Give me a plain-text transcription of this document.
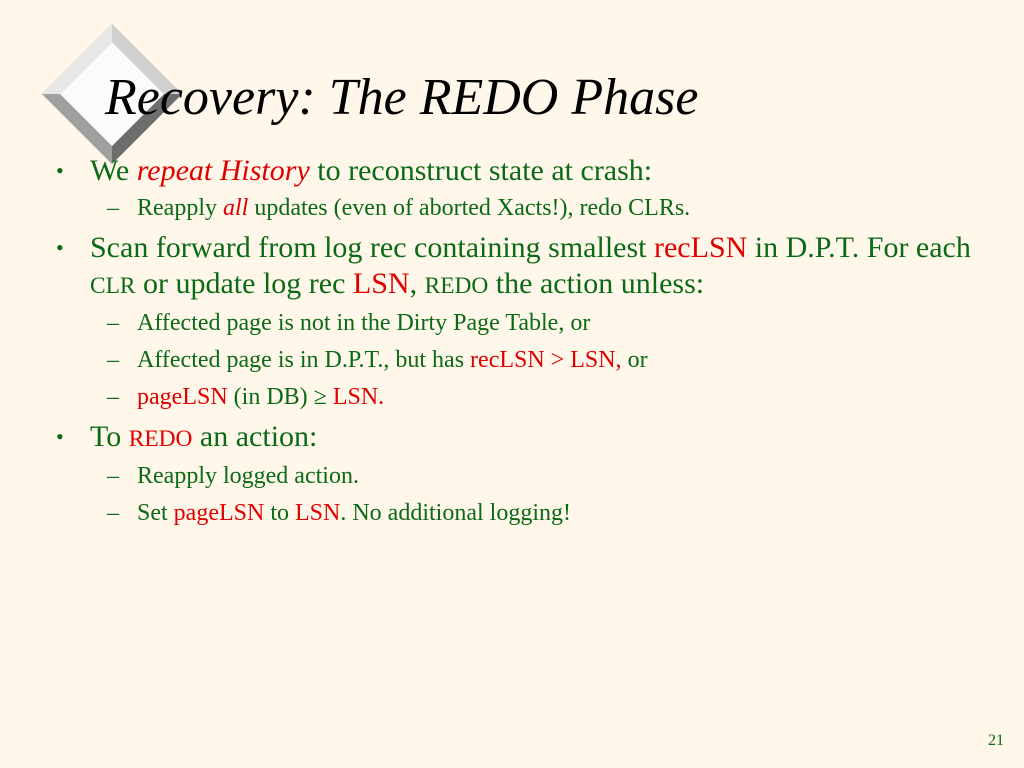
Recovery: The REDO Phase

• We repeat History to reconstruct state at crash:

– Reapply all updates (even of aborted Xacts!), redo CLRs.

• Scan forward from log rec containing smallest recLSN in D.P.T. For each CLR or update log rec LSN, REDO the action unless:

– Affected page is not in the Dirty Page Table, or

– Affected page is in D.P.T., but has recLSN > LSN, or

– pageLSN (in DB) ≥ LSN.

• To REDO an action:

– Reapply logged action.

– Set pageLSN to LSN. No additional logging!

21
